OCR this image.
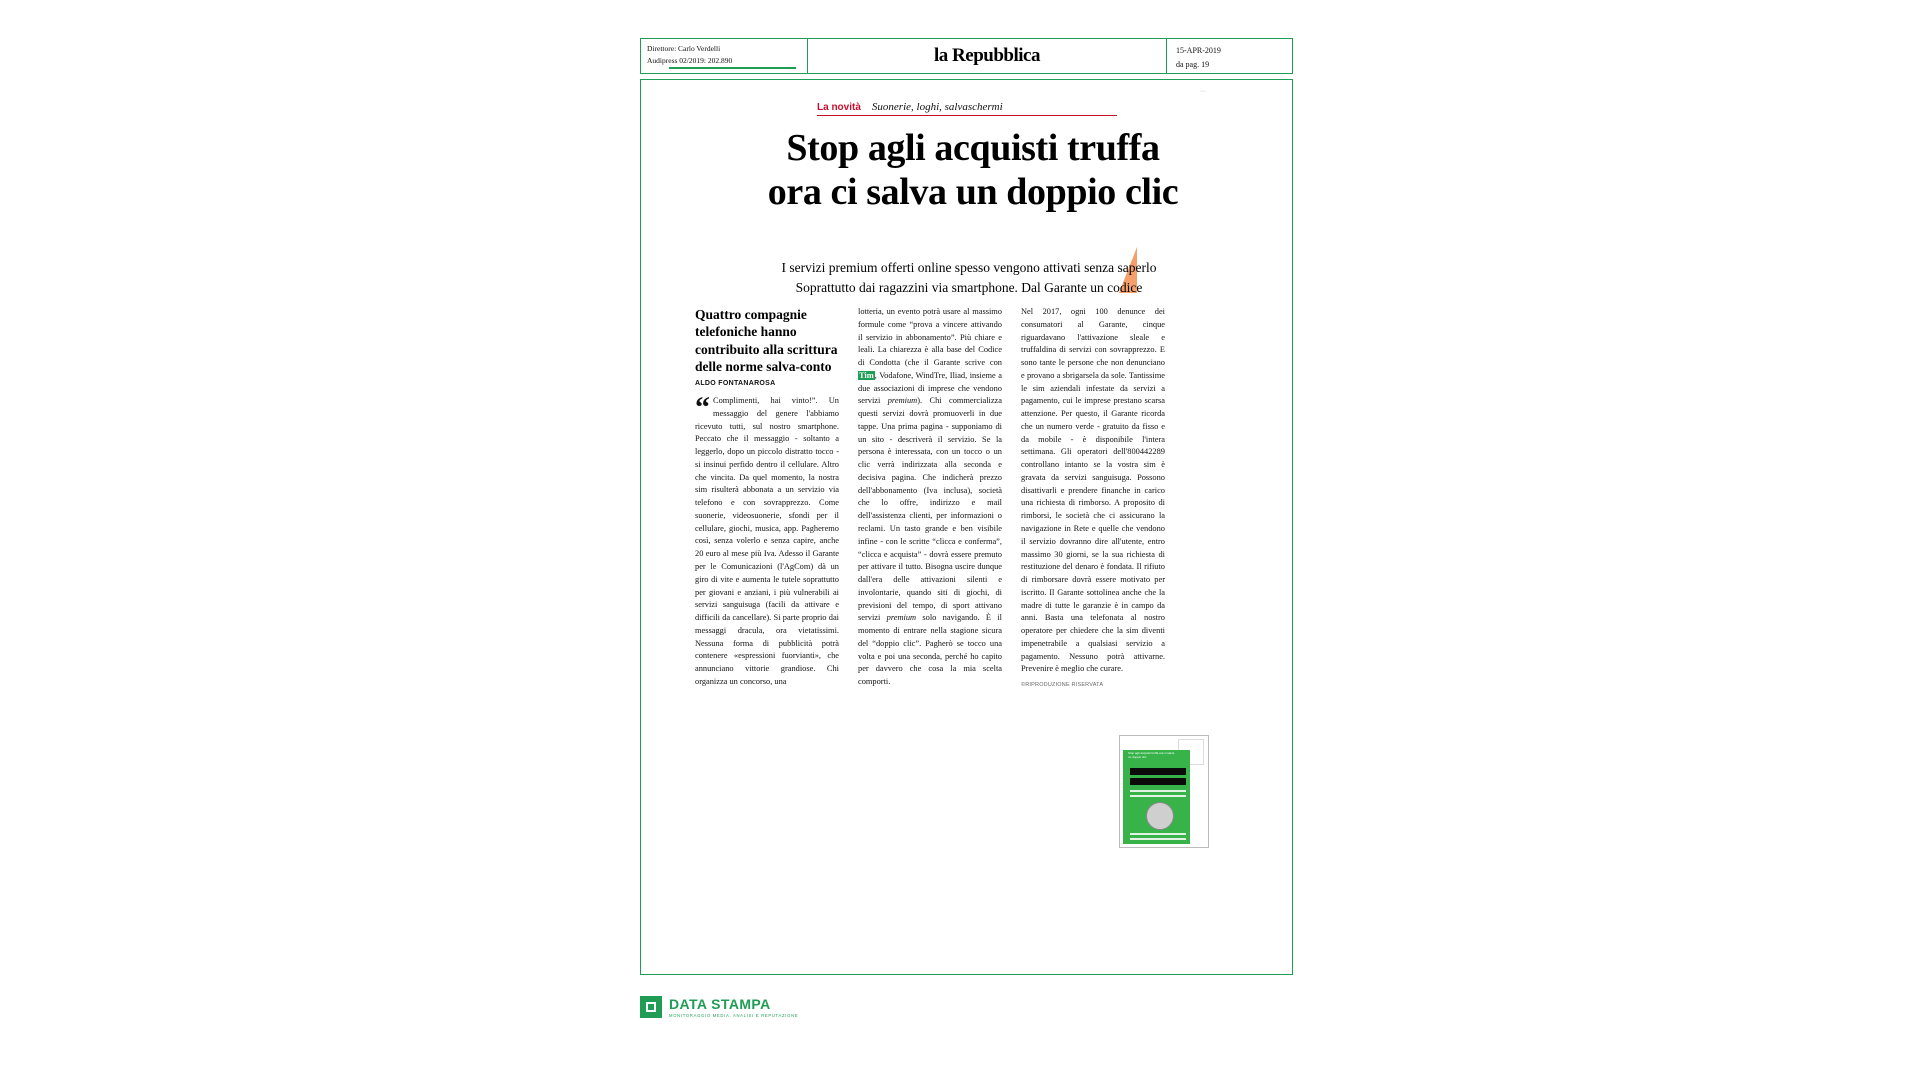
Direttore: Carlo Verdelli
Audipress 02/2019: 202.890	la Repubblica	15-APR-2019
da pag. 19
···
La novità Suonerie, loghi, salvaschermi
Stop agli acquisti truffa
ora ci salva un doppio clic
I servizi premium offerti online spesso vengono attivati senza saperlo
Soprattutto dai ragazzini via smartphone. Dal Garante un codice
Quattro compagnie telefoniche hanno contribuito alla scrittura delle norme salva-conto
ALDO FONTANAROSA
“ Complimenti, hai vinto!”. Un messaggio del genere l'abbiamo ricevuto tutti, sul nostro smartphone. Peccato che il messaggio - soltanto a leggerlo, dopo un piccolo distratto tocco - si insinui perfido dentro il cellulare. Altro che vincita. Da quel momento, la nostra sim risulterà abbonata a un servizio via telefono e con sovrapprezzo. Come suonerie, videosuonerie, sfondi per il cellulare, giochi, musica, app. Pagheremo così, senza volerlo e senza capire, anche 20 euro al mese più Iva. Adesso il Garante per le Comunicazioni (l'AgCom) dà un giro di vite e aumenta le tutele soprattutto per giovani e anziani, i più vulnerabili ai servizi sanguisuga (facili da attivare e difficili da cancellare). Si parte proprio dai messaggi dracula, ora vietatissimi. Nessuna forma di pubblicità potrà contenere «espressioni fuorvianti», che annunciano vittorie grandiose. Chi organizza un concorso, una
lotteria, un evento potrà usare al massimo formule come “prova a vincere attivando il servizio in abbonamento”. Più chiare e leali. La chiarezza è alla base del Codice di Condotta (che il Garante scrive con Tim, Vodafone, WindTre, Iliad, insieme a due associazioni di imprese che vendono servizi premium). Chi commercializza questi servizi dovrà promuoverli in due tappe. Una prima pagina - supponiamo di un sito - descriverà il servizio. Se la persona è interessata, con un tocco o un clic verrà indirizzata alla seconda e decisiva pagina. Che indicherà prezzo dell'abbonamento (Iva inclusa), società che lo offre, indirizzo e mail dell'assistenza clienti, per informazioni o reclami. Un tasto grande e ben visibile infine - con le scritte “clicca e conferma”, “clicca e acquista” - dovrà essere premuto per attivare il tutto. Bisogna uscire dunque dall'era delle attivazioni silenti e involontarie, quando siti di giochi, di previsioni del tempo, di sport attivano servizi premium solo navigando. È il momento di entrare nella stagione sicura del “doppio clic”. Pagherò se tocco una volta e poi una seconda, perché ho capito per davvero che cosa la mia scelta comporti.
Nel 2017, ogni 100 denunce dei consumatori al Garante, cinque riguardavano l'attivazione sleale e truffaldina di servizi con sovrapprezzo. E sono tante le persone che non denunciano e provano a sbrigarsela da sole. Tantissime le sim aziendali infestate da servizi a pagamento, cui le imprese prestano scarsa attenzione. Per questo, il Garante ricorda che un numero verde - gratuito da fisso e da mobile - è disponibile l'intera settimana. Gli operatori dell'800442289 controllano intanto se la vostra sim è gravata da servizi sanguisuga. Possono disattivarli e prendere finanche in carico una richiesta di rimborso. A proposito di rimborsi, le società che ci assicurano la navigazione in Rete e quelle che vendono il servizio dovranno dire all'utente, entro massimo 30 giorni, se la sua richiesta di restituzione del denaro è fondata. Il rifiuto di rimborsare dovrà essere motivato per iscritto. Il Garante sottolinea anche che la madre di tutte le garanzie è in campo da anni. Basta una telefonata al nostro operatore per chiedere che la sim diventi impenetrabile a qualsiasi servizio a pagamento. Nessuno potrà attivarne. Prevenire è meglio che curare.
©RIPRODUZIONE RISERVATA
Stop agli acquisti truffa ora ci salva un doppio clic
DATA STAMPA
MONITORAGGIO MEDIA, ANALISI E REPUTAZIONE
